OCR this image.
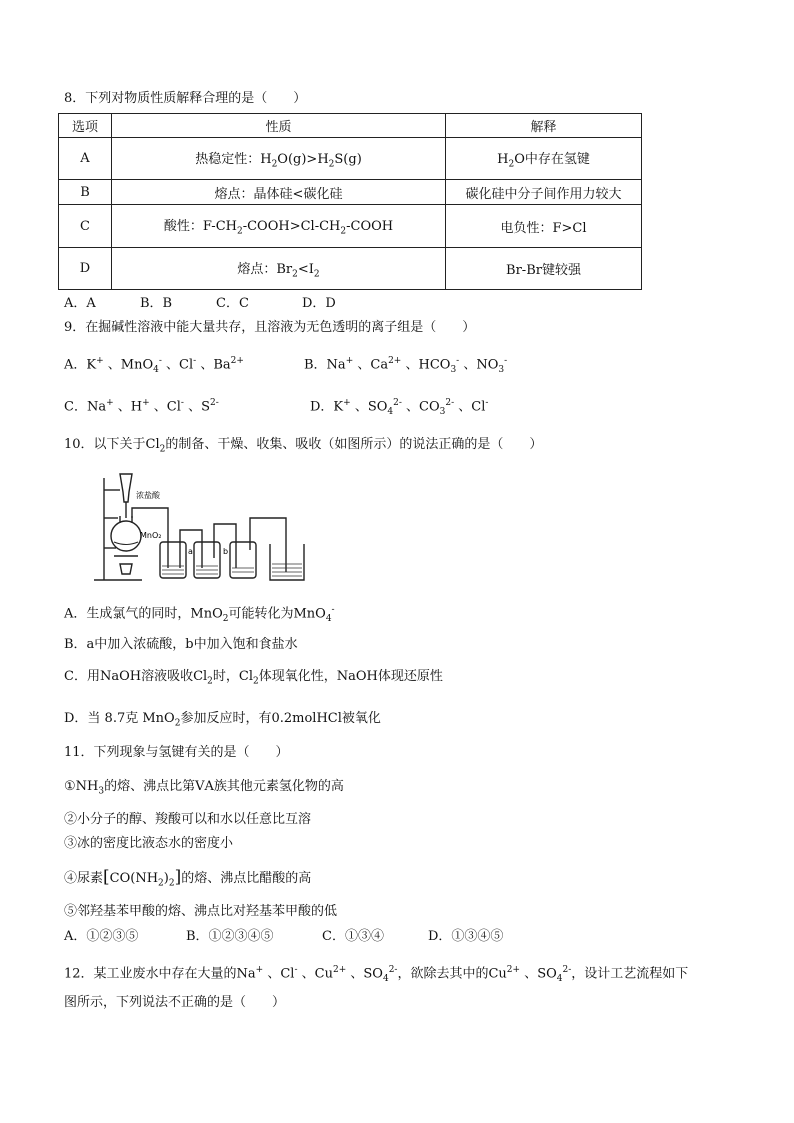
8．下列对物质性质解释合理的是（　　）
选项	性质	解释
A	热稳定性：$H_2O(g)>H_2S(g)$	$H_2O$中存在氢键
B	熔点：晶体硅<碳化硅	碳化硅中分子间作用力较大
C	酸性：$F-CH_2-COOH>Cl-CH_2$-COOH	电负性：F>Cl
D	熔点：$Br_2<I_2$	Br-Br键较强
A．A	B．B	C．C	D．D
9．在掘碱性溶液中能大量共存，且溶液为无色透明的离子组是（　　）
A．K+ 、MnO$_4$- 、Cl- 、$Ba^{2+}$	B．Na+ 、$Ca^{2+}$ 、$HCO_3^-$ 、$NO_3^-$
C．Na+ 、H+ 、Cl- 、$S^{2-}$	D．K+ 、$SO_4^{2-}$ 、$CO_3^{2-}$ 、Cl-
10．以下关于$Cl_2$的制备、干燥、收集、吸收（如图所示）的说法正确的是（　　）
浓盐酸
MnO₂
a	b
A．生成氯气的同时，MnO$_2$可能转化为MnO$_4$-
B．a中加入浓硫酸，b中加入饱和食盐水
C．用NaOH溶液吸收$Cl_2$时，$Cl_2$体现氧化性，NaOH体现还原性
D．当 8.7克 MnO$_2$参加反应时，有0.2molHCl被氧化
11．下列现象与氢键有关的是（　　）
$①NH_3$的熔、沸点比第ⅤA族其他元素氢化物的高
②小分子的醇、羧酸可以和水以任意比互溶
③冰的密度比液态水的密度小
④尿素$[CO(NH_2)_2]$的熔、沸点比醋酸的高
⑤邻羟基苯甲酸的熔、沸点比对羟基苯甲酸的低
A．①②③⑤	B．①②③④⑤	C．①③④	D．①③④⑤
12．某工业废水中存在大量的Na+ 、Cl- 、$Cu^{2+}$ 、$SO_4^{2-}$，欲除去其中的$Cu^{2+}$ 、$SO_4^{2-}$，设计工艺流程如下
图所示，下列说法不正确的是（　　）
